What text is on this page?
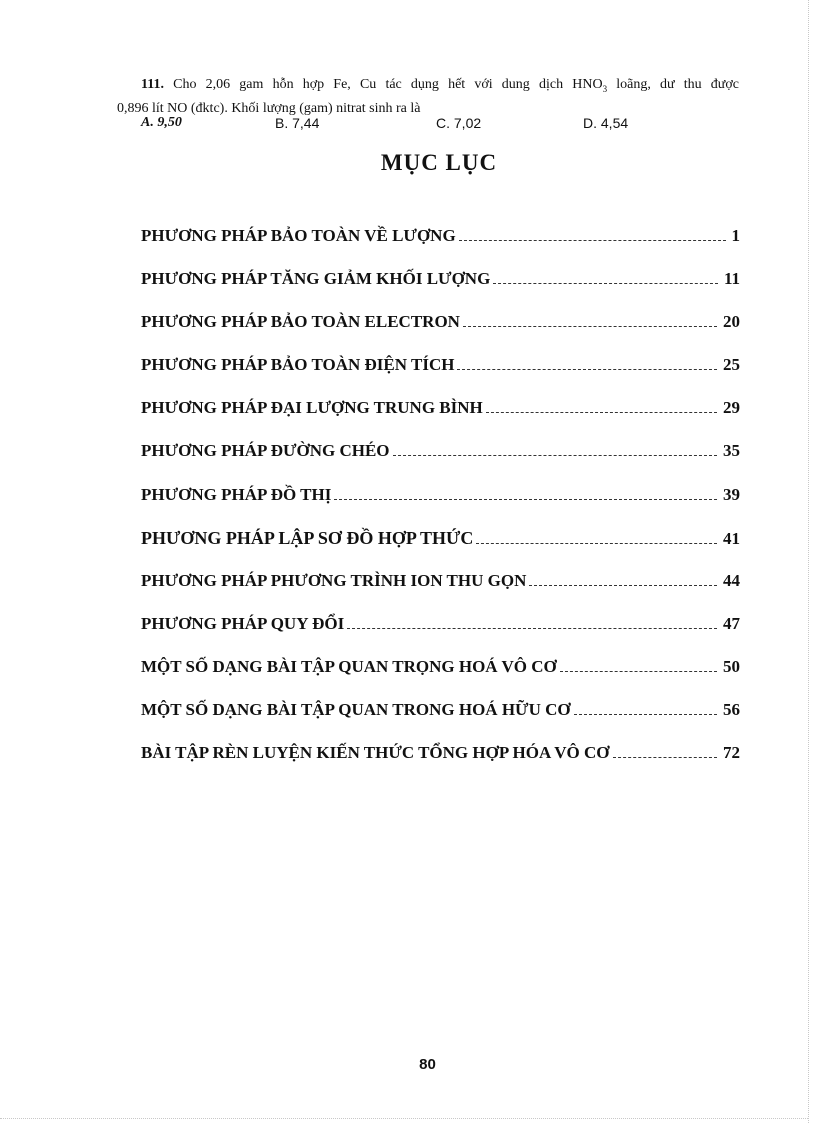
111. Cho 2,06 gam hỗn hợp Fe, Cu tác dụng hết với dung dịch $HNO_3$ loãng, dư thu được
0,896 lít NO (đktc). Khối lượng (gam) nitrat sinh ra là
A. 9,50	B. 7,44	C. 7,02	D. 4,54
MỤC LỤC
PHƯƠNG PHÁP BẢO TOÀN VỀ LƯỢNG	1
PHƯƠNG PHÁP TĂNG GIẢM KHỐI LƯỢNG	11
PHƯƠNG PHÁP BẢO TOÀN ELECTRON	20
PHƯƠNG PHÁP BẢO TOÀN ĐIỆN TÍCH	25
PHƯƠNG PHÁP ĐẠI LƯỢNG TRUNG BÌNH	29
PHƯƠNG PHÁP ĐƯỜNG CHÉO	35
PHƯƠNG PHÁP ĐỒ THỊ	39
PHƯƠNG PHÁP LẬP SƠ ĐỒ HỢP THỨC	41
PHƯƠNG PHÁP PHƯƠNG TRÌNH ION THU GỌN	44
PHƯƠNG PHÁP QUY ĐỔI	47
MỘT SỐ DẠNG BÀI TẬP QUAN TRỌNG HOÁ VÔ CƠ	50
MỘT SỐ DẠNG BÀI TẬP QUAN TRONG HOÁ HỮU CƠ	56
BÀI TẬP RÈN LUYỆN KIẾN THỨC TỔNG HỢP HÓA VÔ CƠ	72
80
